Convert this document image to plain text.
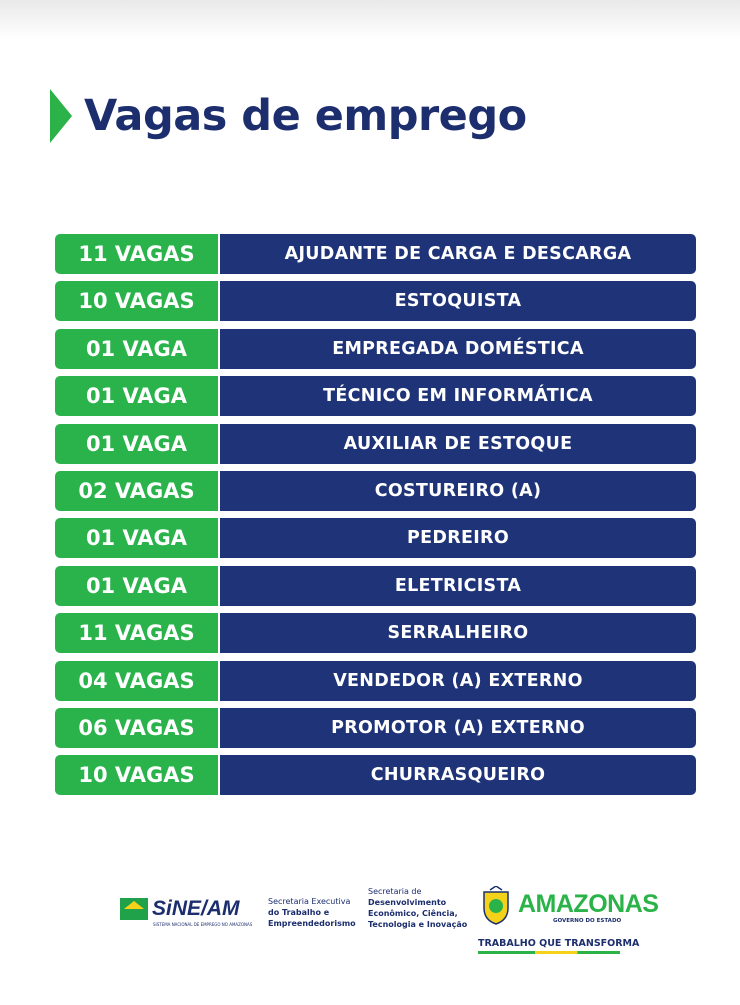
Vagas de emprego
11 VAGAS	AJUDANTE DE CARGA E DESCARGA
10 VAGAS	ESTOQUISTA
01 VAGA	EMPREGADA DOMÉSTICA
01 VAGA	TÉCNICO EM INFORMÁTICA
01 VAGA	AUXILIAR DE ESTOQUE
02 VAGAS	COSTUREIRO (A)
01 VAGA	PEDREIRO
01 VAGA	ELETRICISTA
11 VAGAS	SERRALHEIRO
04 VAGAS	VENDEDOR (A) EXTERNO
06 VAGAS	PROMOTOR (A) EXTERNO
10 VAGAS	CHURRASQUEIRO
SiNE/AM
SISTEMA NACIONAL DE EMPREGO NO AMAZONAS
Secretaria Executiva
do Trabalho e
Empreendedorismo
Secretaria de
Desenvolvimento
Econômico, Ciência,
Tecnologia e Inovação
AMAZONAS
GOVERNO DO ESTADO
TRABALHO QUE TRANSFORMA
